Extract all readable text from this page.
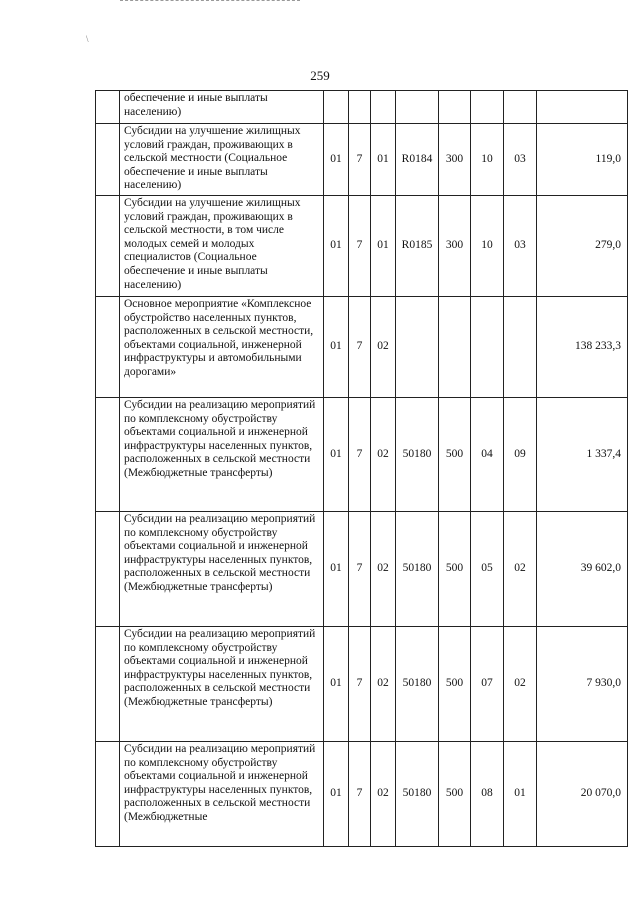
259
	обеспечение и иные выплаты населению)								
	Субсидии на улучшение жилищных условий граждан, проживающих в сельской местности (Социальное обеспечение и иные выплаты населению)	01	7	01	R0184	300	10	03	119,0
	Субсидии на улучшение жилищных условий граждан, проживающих в сельской местности, в том числе молодых семей и молодых специалистов (Социальное обеспечение и иные выплаты населению)	01	7	01	R0185	300	10	03	279,0
	Основное мероприятие «Комплексное обустройство населенных пунктов, расположенных в сельской местности, объектами социальной, инженерной инфраструктуры и автомобильными дорогами»	01	7	02					138 233,3
	Субсидии на реализацию мероприятий по комплексному обустройству объектами социальной и инженерной инфраструктуры населенных пунктов, расположенных в сельской местности (Межбюджетные трансферты)	01	7	02	50180	500	04	09	1 337,4
	Субсидии на реализацию мероприятий по комплексному обустройству объектами социальной и инженерной инфраструктуры населенных пунктов, расположенных в сельской местности (Межбюджетные трансферты)	01	7	02	50180	500	05	02	39 602,0
	Субсидии на реализацию мероприятий по комплексному обустройству объектами социальной и инженерной инфраструктуры населенных пунктов, расположенных в сельской местности (Межбюджетные трансферты)	01	7	02	50180	500	07	02	7 930,0
	Субсидии на реализацию мероприятий по комплексному обустройству объектами социальной и инженерной инфраструктуры населенных пунктов, расположенных в сельской местности (Межбюджетные	01	7	02	50180	500	08	01	20 070,0
\
